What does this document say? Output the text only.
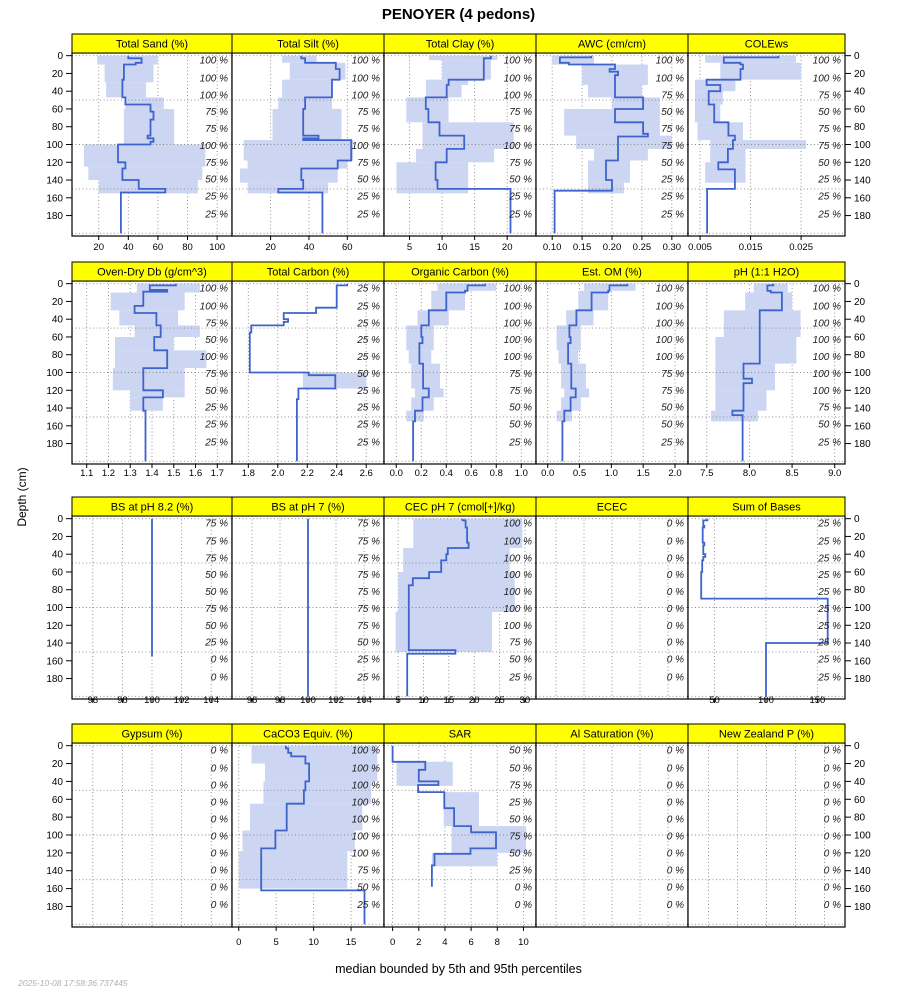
PENOYER (4 pedons)
Depth (cm)
100 %
100 %
100 %
75 %
75 %
100 %
75 %
50 %
25 %
25 %
20 40 60 80 100
Total Sand (%)
100 %
100 %
100 %
75 %
75 %
100 %
75 %
50 %
25 %
25 %
20	40	60
Total Silt (%)
100 %
100 %
100 %
75 %
75 %
100 %
75 %
50 %
25 %
25 %
5	10 15 20
Total Clay (%)
100 %
100 %
75 %
50 %
75 %
75 %
50 %
25 %
25 %
25 %
0.10 0.15 0.20 0.25 0.30
AWC (cm/cm)
100 %
100 %
75 %
50 %
75 %
75 %
50 %
25 %
25 %
25 %
0.005	0.015	0.025
COLEws
100 %
100 %
75 %
50 %
100 %
75 %
50 %
25 %
25 %
25 %
1.1 1.2 1.3 1.4 1.5 1.6 1.7
Oven-Dry Db (g/cm^3)
25 %
25 %
25 %
25 %
25 %
50 %
25 %
25 %
25 %
25 %
1.8 2.0 2.2 2.4 2.6
Total Carbon (%)
100 %
100 %
100 %
100 %
100 %
75 %
75 %
50 %
50 %
25 %
0.0 0.2 0.4 0.6 0.8 1.0
Organic Carbon (%)
100 %
100 %
100 %
100 %
100 %
75 %
75 %
50 %
50 %
25 %
0.0 0.5 1.0 1.5 2.0
Est. OM (%)
100 %
100 %
100 %
100 %
100 %
100 %
100 %
75 %
50 %
25 %
7.5	8.0	8.5	9.0
pH (1:1 H2O)
75 %
75 %
75 %
50 %
50 %
75 %
50 %
25 %
0 %
0 %
96 98 100 102 104
BS at pH 8.2 (%)
75 %
75 %
75 %
75 %
75 %
75 %
75 %
50 %
25 %
25 %
96 98 100 102 104
BS at pH 7 (%)
100 %
100 %
100 %
100 %
100 %
100 %
100 %
75 %
50 %
25 %
5 10 15 20 25 30
CEC pH 7 (cmol[+]/kg)
0 %
0 %
0 %
0 %
0 %
0 %
0 %
0 %
0 %
0 %
ECEC
25 %
25 %
25 %
25 %
25 %
25 %
25 %
25 %
25 %
25 %
50	100	150
Sum of Bases
0 %
0 %
0 %
0 %
0 %
0 %
0 %
0 %
0 %
0 %
Gypsum (%)
100 %
100 %
100 %
100 %
100 %
100 %
100 %
75 %
50 %
25 %
0	5	10	15
CaCO3 Equiv. (%)
50 %
50 %
75 %
25 %
50 %
75 %
50 %
25 %
0 %
0 %
0 2 4 6 8 10
SAR
0 %
0 %
0 %
0 %
0 %
0 %
0 %
0 %
0 %
0 %
Al Saturation (%)
0 %
0 %
0 %
0 %
0 %
0 %
0 %
0 %
0 %
0 %
New Zealand P (%)
0	0
20	20
40	40
60	60
80	80
100	100
120	120
140	140
160	160
180	180
0	0
20	20
40	40
60	60
80	80
100	100
120	120
140	140
160	160
180	180
0	0
20	20
40	40
60	60
80	80
100	100
120	120
140	140
160	160
180	180
0	0
20	20
40	40
60	60
80	80
100	100
120	120
140	140
160	160
180	180
median bounded by 5th and 95th percentiles
2025-10-08 17:58:36.737445
